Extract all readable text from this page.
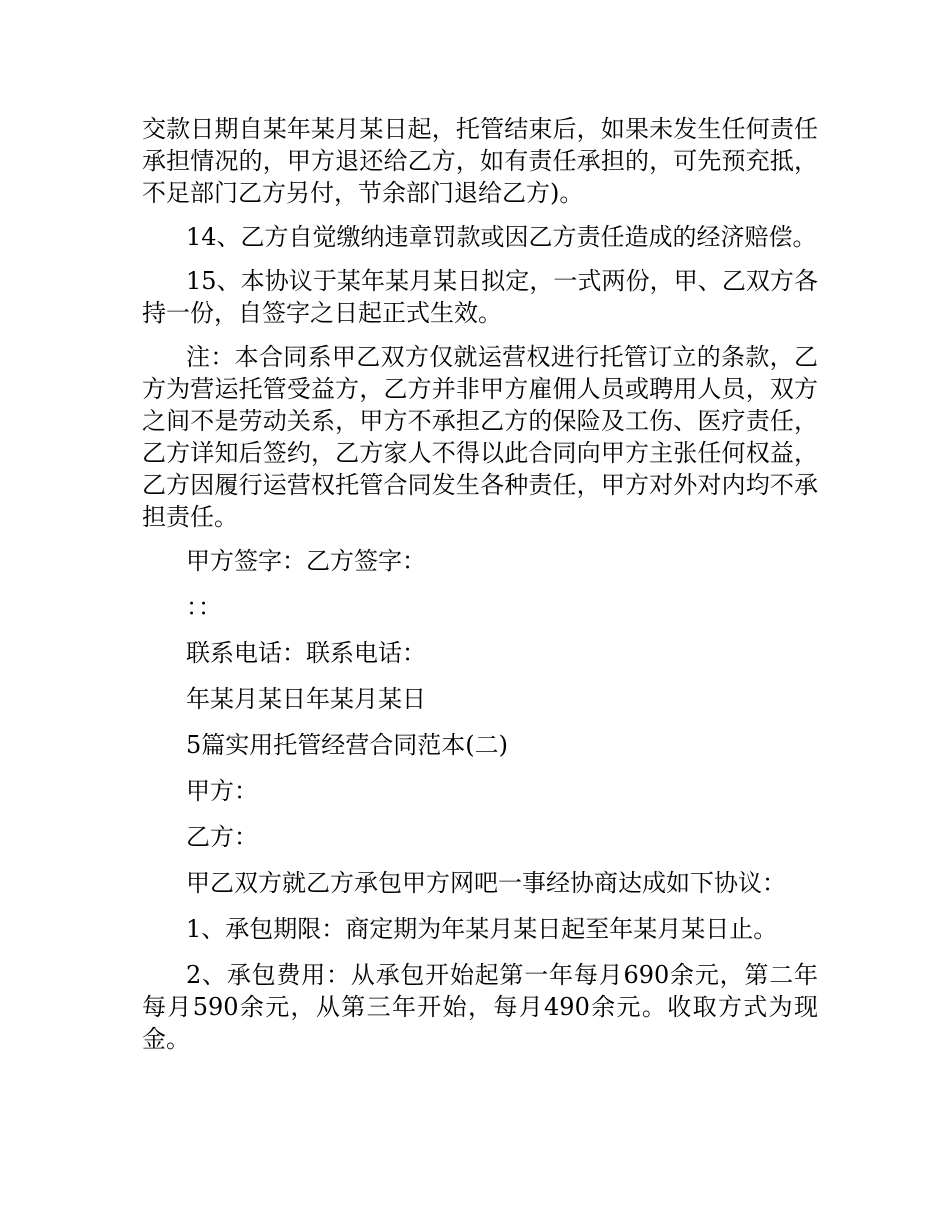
交款日期自某年某月某日起，托管结束后，如果未发生任何责任承担情况的，甲方退还给乙方，如有责任承担的，可先预充抵，不足部门乙方另付，节余部门退给乙方)。

14、乙方自觉缴纳违章罚款或因乙方责任造成的经济赔偿。

15、本协议于某年某月某日拟定，一式两份，甲、乙双方各持一份，自签字之日起正式生效。

注：本合同系甲乙双方仅就运营权进行托管订立的条款，乙方为营运托管受益方，乙方并非甲方雇佣人员或聘用人员，双方之间不是劳动关系，甲方不承担乙方的保险及工伤、医疗责任，乙方详知后签约，乙方家人不得以此合同向甲方主张任何权益，乙方因履行运营权托管合同发生各种责任，甲方对外对内均不承担责任。

甲方签字：乙方签字：

：：

联系电话：联系电话：

年某月某日年某月某日

5篇实用托管经营合同范本(二)

甲方：

乙方：

甲乙双方就乙方承包甲方网吧一事经协商达成如下协议：

1、承包期限：商定期为年某月某日起至年某月某日止。

2、承包费用：从承包开始起第一年每月690余元，第二年每月590余元，从第三年开始，每月490余元。收取方式为现金。
